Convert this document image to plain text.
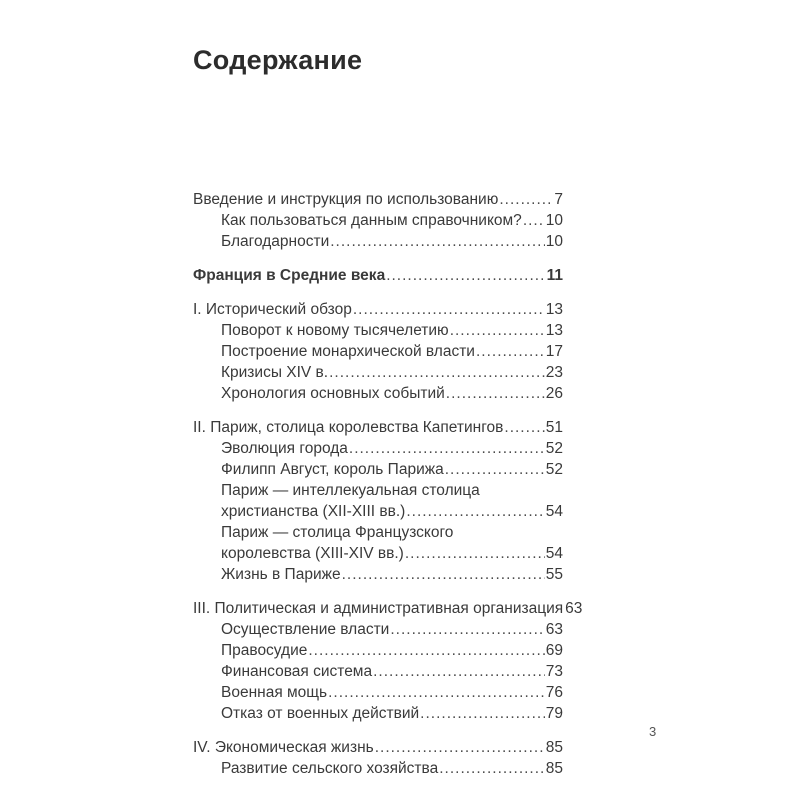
Содержание
Введение и инструкция по использованию .....	7
Как пользоваться данным справочником? ..... 10
Благодарности .....	10
Франция в Средние века .....	11
I. Исторический обзор .....	13
Поворот к новому тысячелетию .....	13
Построение монархической власти .....	17
Кризисы XIV в. .....	23
Хронология основных событий .....	26
II. Париж, столица королевства Капетингов .....	51
Эволюция города .....	52
Филипп Август, король Парижа .....	52
Париж — интеллекуальная столица
христианства (XII-XIII вв.) .....	54
Париж — столица Французского
королевства (XIII-XIV вв.) .....	54
Жизнь в Париже .....	55
III. Политическая и административная организация 63
Осуществление власти .....	63
Правосудие .....	69
Финансовая система .....	73
Военная мощь .....	76
Отказ от военных действий .....	79
IV. Экономическая жизнь .....	85
Развитие сельского хозяйства .....	85
3
